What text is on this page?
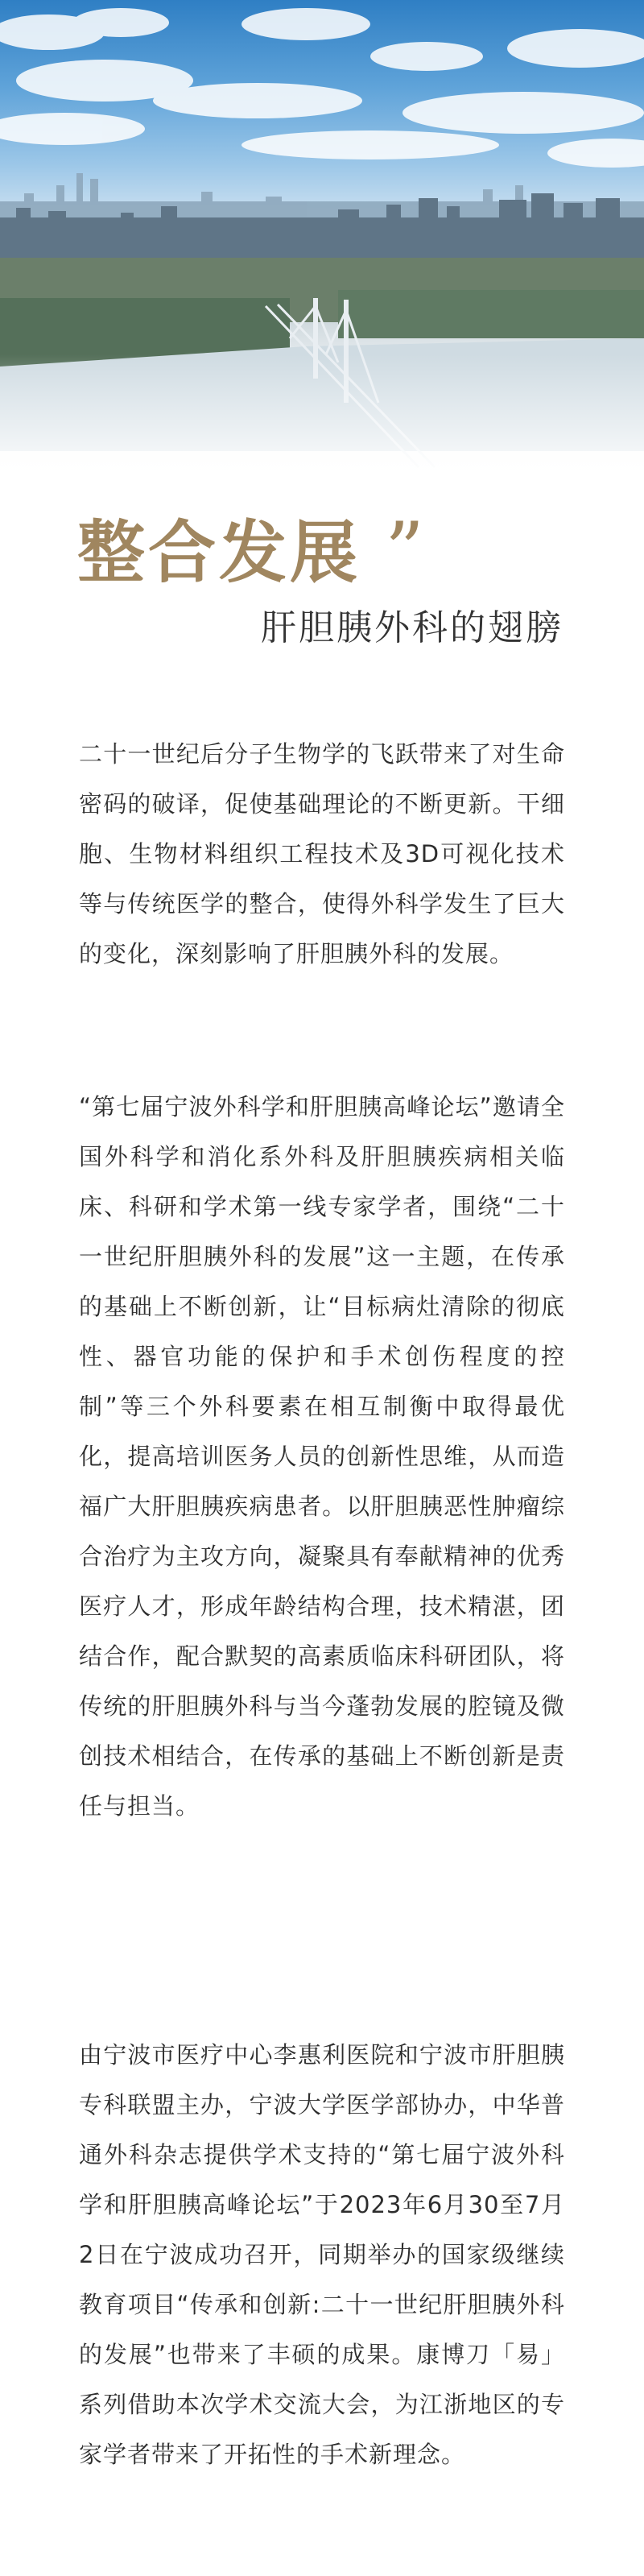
整合发展 ”
肝胆胰外科的翅膀

二十一世纪后分子生物学的飞跃带来了对生命密码的破译，促使基础理论的不断更新。干细胞、生物材料组织工程技术及3D可视化技术等与传统医学的整合，使得外科学发生了巨大的变化，深刻影响了肝胆胰外科的发展。

“第七届宁波外科学和肝胆胰高峰论坛”邀请全国外科学和消化系外科及肝胆胰疾病相关临床、科研和学术第一线专家学者，围绕“二十一世纪肝胆胰外科的发展”这一主题，在传承的基础上不断创新，让“目标病灶清除的彻底性、器官功能的保护和手术创伤程度的控制”等三个外科要素在相互制衡中取得最优化，提高培训医务人员的创新性思维，从而造福广大肝胆胰疾病患者。以肝胆胰恶性肿瘤综合治疗为主攻方向，凝聚具有奉献精神的优秀医疗人才，形成年龄结构合理，技术精湛，团结合作，配合默契的高素质临床科研团队，将传统的肝胆胰外科与当今蓬勃发展的腔镜及微创技术相结合，在传承的基础上不断创新是责任与担当。

由宁波市医疗中心李惠利医院和宁波市肝胆胰专科联盟主办，宁波大学医学部协办，中华普通外科杂志提供学术支持的“第七届宁波外科学和肝胆胰高峰论坛”于2023年6月30至7月2日在宁波成功召开，同期举办的国家级继续教育项目“传承和创新:二十一世纪肝胆胰外科的发展”也带来了丰硕的成果。康博刀「易」系列借助本次学术交流大会，为江浙地区的专家学者带来了开拓性的手术新理念。
